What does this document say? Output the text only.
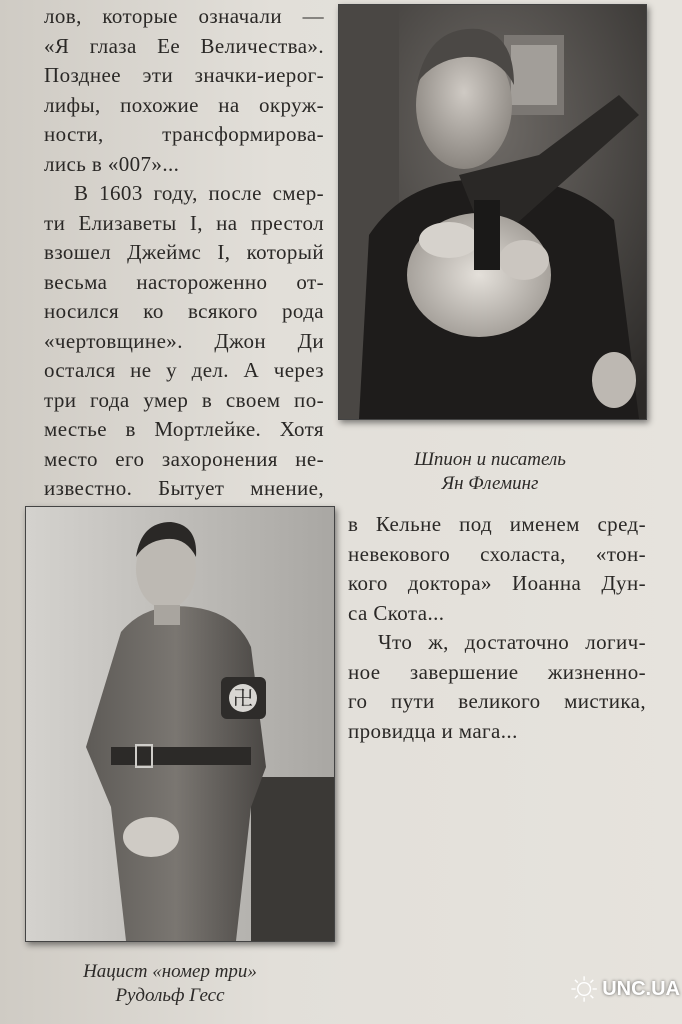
лов, которые означали —
«Я глаза Ее Величества».
Позднее эти значки-иерог-
лифы, похожие на окруж-
ности, трансформирова-
лись в «007»...
В 1603 году, после смер-
ти Елизаветы I, на престол
взошел Джеймс I, который
весьма настороженно от-
носился ко всякого рода
«чертовщине». Джон Ди
остался не у дел. А через
три года умер в своем по-
местье в Мортлейке. Хотя
место его захоронения не-
известно. Бытует мнение,
Шпион и писатель
Ян Флеминг
卍
Нацист «номер три»
Рудольф Гесс
в Кельне под именем сред-
невекового схоласта, «тон-
кого доктора» Иоанна Дун-
са Скота...
Что ж, достаточно логич-
ное завершение жизненно-
го пути великого мистика,
провидца и мага...
UNC.UA
